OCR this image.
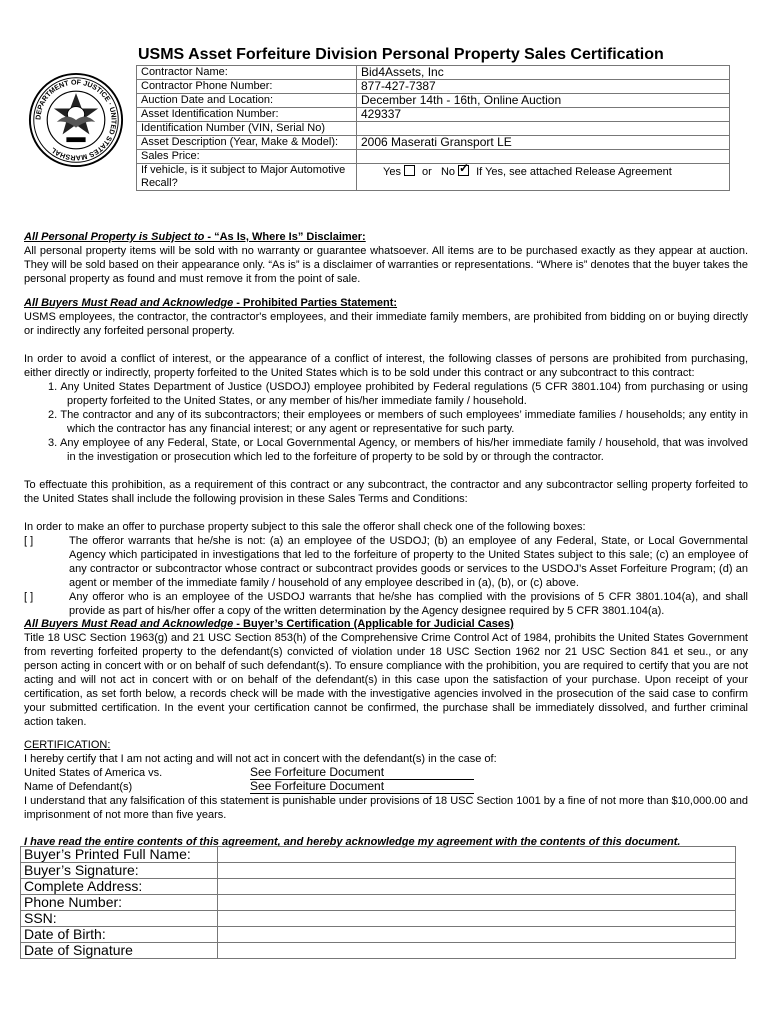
DEPARTMENT OF JUSTICE · UNITED STATES MARSHAL
USMS Asset Forfeiture Division Personal Property Sales Certification
Contractor Name:	Bid4Assets, Inc
Contractor Phone Number:	877-427-7387
Auction Date and Location:	December 14th - 16th, Online Auction
Asset Identification Number:	429337
Identification Number (VIN, Serial No)	
Asset Description (Year, Make & Model):	2006 Maserati Gransport LE
Sales Price:	
If vehicle, is it subject to Major Automotive Recall?	Yes or No ✓ If Yes, see attached Release Agreement
All Personal Property is Subject to - “As Is, Where Is” Disclaimer:
All personal property items will be sold with no warranty or guarantee whatsoever. All items are to be purchased exactly as they appear at auction. They will be sold based on their appearance only. “As is” is a disclaimer of warranties or representations. “Where is” denotes that the buyer takes the personal property as found and must remove it from the point of sale.
All Buyers Must Read and Acknowledge - Prohibited Parties Statement:
USMS employees, the contractor, the contractor's employees, and their immediate family members, are prohibited from bidding on or buying directly or indirectly any forfeited personal property.
In order to avoid a conflict of interest, or the appearance of a conflict of interest, the following classes of persons are prohibited from purchasing, either directly or indirectly, property forfeited to the United States which is to be sold under this contract or any subcontract to this contract:
1. Any United States Department of Justice (USDOJ) employee prohibited by Federal regulations (5 CFR 3801.104) from purchasing or using property forfeited to the United States, or any member of his/her immediate family / household.
2. The contractor and any of its subcontractors; their employees or members of such employees’ immediate families / households; any entity in which the contractor has any financial interest; or any agent or representative for such party.
3. Any employee of any Federal, State, or Local Governmental Agency, or members of his/her immediate family / household, that was involved in the investigation or prosecution which led to the forfeiture of property to be sold by or through the contractor.
To effectuate this prohibition, as a requirement of this contract or any subcontract, the contractor and any subcontractor selling property forfeited to the United States shall include the following provision in these Sales Terms and Conditions:
In order to make an offer to purchase property subject to this sale the offeror shall check one of the following boxes:
[ ]	The offeror warrants that he/she is not: (a) an employee of the USDOJ; (b) an employee of any Federal, State, or Local Governmental Agency which participated in investigations that led to the forfeiture of property to the United States subject to this sale; (c) an employee of any contractor or subcontractor whose contract or subcontract provides goods or services to the USDOJ’s Asset Forfeiture Program; (d) an agent or member of the immediate family / household of any employee described in (a), (b), or (c) above.
[ ]	Any offeror who is an employee of the USDOJ warrants that he/she has complied with the provisions of 5 CFR 3801.104(a), and shall provide as part of his/her offer a copy of the written determination by the Agency designee required by 5 CFR 3801.104(a).
All Buyers Must Read and Acknowledge - Buyer’s Certification (Applicable for Judicial Cases)
Title 18 USC Section 1963(g) and 21 USC Section 853(h) of the Comprehensive Crime Control Act of 1984, prohibits the United States Government from reverting forfeited property to the defendant(s) convicted of violation under 18 USC Section 1962 nor 21 USC Section 841 et seu., or any person acting in concert with or on behalf of such defendant(s). To ensure compliance with the prohibition, you are required to certify that you are not acting and will not act in concert with or on behalf of the defendant(s) in this case upon the satisfaction of your purchase. Upon receipt of your certification, as set forth below, a records check will be made with the investigative agencies involved in the prosecution of the said case to confirm your submitted certification. In the event your certification cannot be confirmed, the purchase shall be immediately dissolved, and further criminal action taken.
CERTIFICATION:
I hereby certify that I am not acting and will not act in concert with the defendant(s) in the case of:
United States of America vs.	See Forfeiture Document
Name of Defendant(s)	See Forfeiture Document
I understand that any falsification of this statement is punishable under provisions of 18 USC Section 1001 by a fine of not more than $10,000.00 and imprisonment of not more than five years.
I have read the entire contents of this agreement, and hereby acknowledge my agreement with the contents of this document.
Buyer’s Printed Full Name:	
Buyer’s Signature:	
Complete Address:	
Phone Number:	
SSN:	
Date of Birth:	
Date of Signature	
